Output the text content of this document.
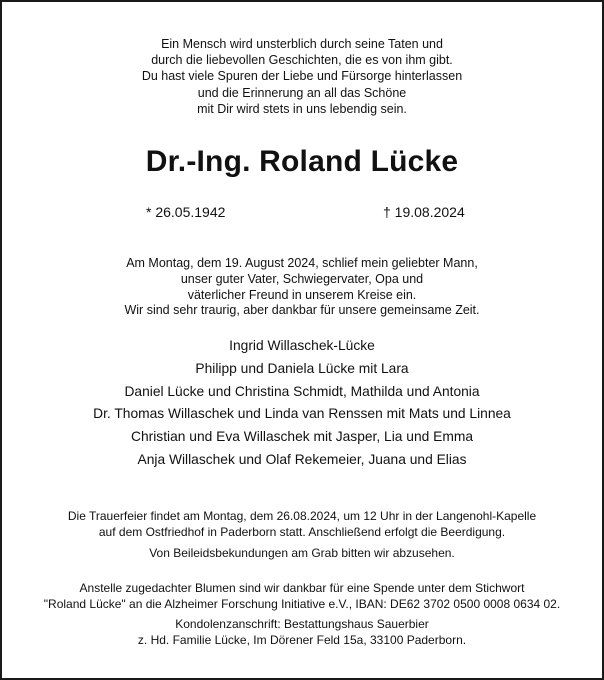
Ein Mensch wird unsterblich durch seine Taten und
durch die liebevollen Geschichten, die es von ihm gibt.
Du hast viele Spuren der Liebe und Fürsorge hinterlassen
und die Erinnerung an all das Schöne
mit Dir wird stets in uns lebendig sein.
Dr.-Ing. Roland Lücke
* 26.05.1942	† 19.08.2024
Am Montag, dem 19. August 2024, schlief mein geliebter Mann,
unser guter Vater, Schwiegervater, Opa und
väterlicher Freund in unserem Kreise ein.
Wir sind sehr traurig, aber dankbar für unsere gemeinsame Zeit.
Ingrid Willaschek-Lücke
Philipp und Daniela Lücke mit Lara
Daniel Lücke und Christina Schmidt, Mathilda und Antonia
Dr. Thomas Willaschek und Linda van Renssen mit Mats und Linnea
Christian und Eva Willaschek mit Jasper, Lia und Emma
Anja Willaschek und Olaf Rekemeier, Juana und Elias
Die Trauerfeier findet am Montag, dem 26.08.2024, um 12 Uhr in der Langenohl-Kapelle
auf dem Ostfriedhof in Paderborn statt. Anschließend erfolgt die Beerdigung.
Von Beileidsbekundungen am Grab bitten wir abzusehen.
Anstelle zugedachter Blumen sind wir dankbar für eine Spende unter dem Stichwort
"Roland Lücke" an die Alzheimer Forschung Initiative e.V., IBAN: DE62 3702 0500 0008 0634 02.
Kondolenzanschrift: Bestattungshaus Sauerbier
z. Hd. Familie Lücke, Im Dörener Feld 15a, 33100 Paderborn.
